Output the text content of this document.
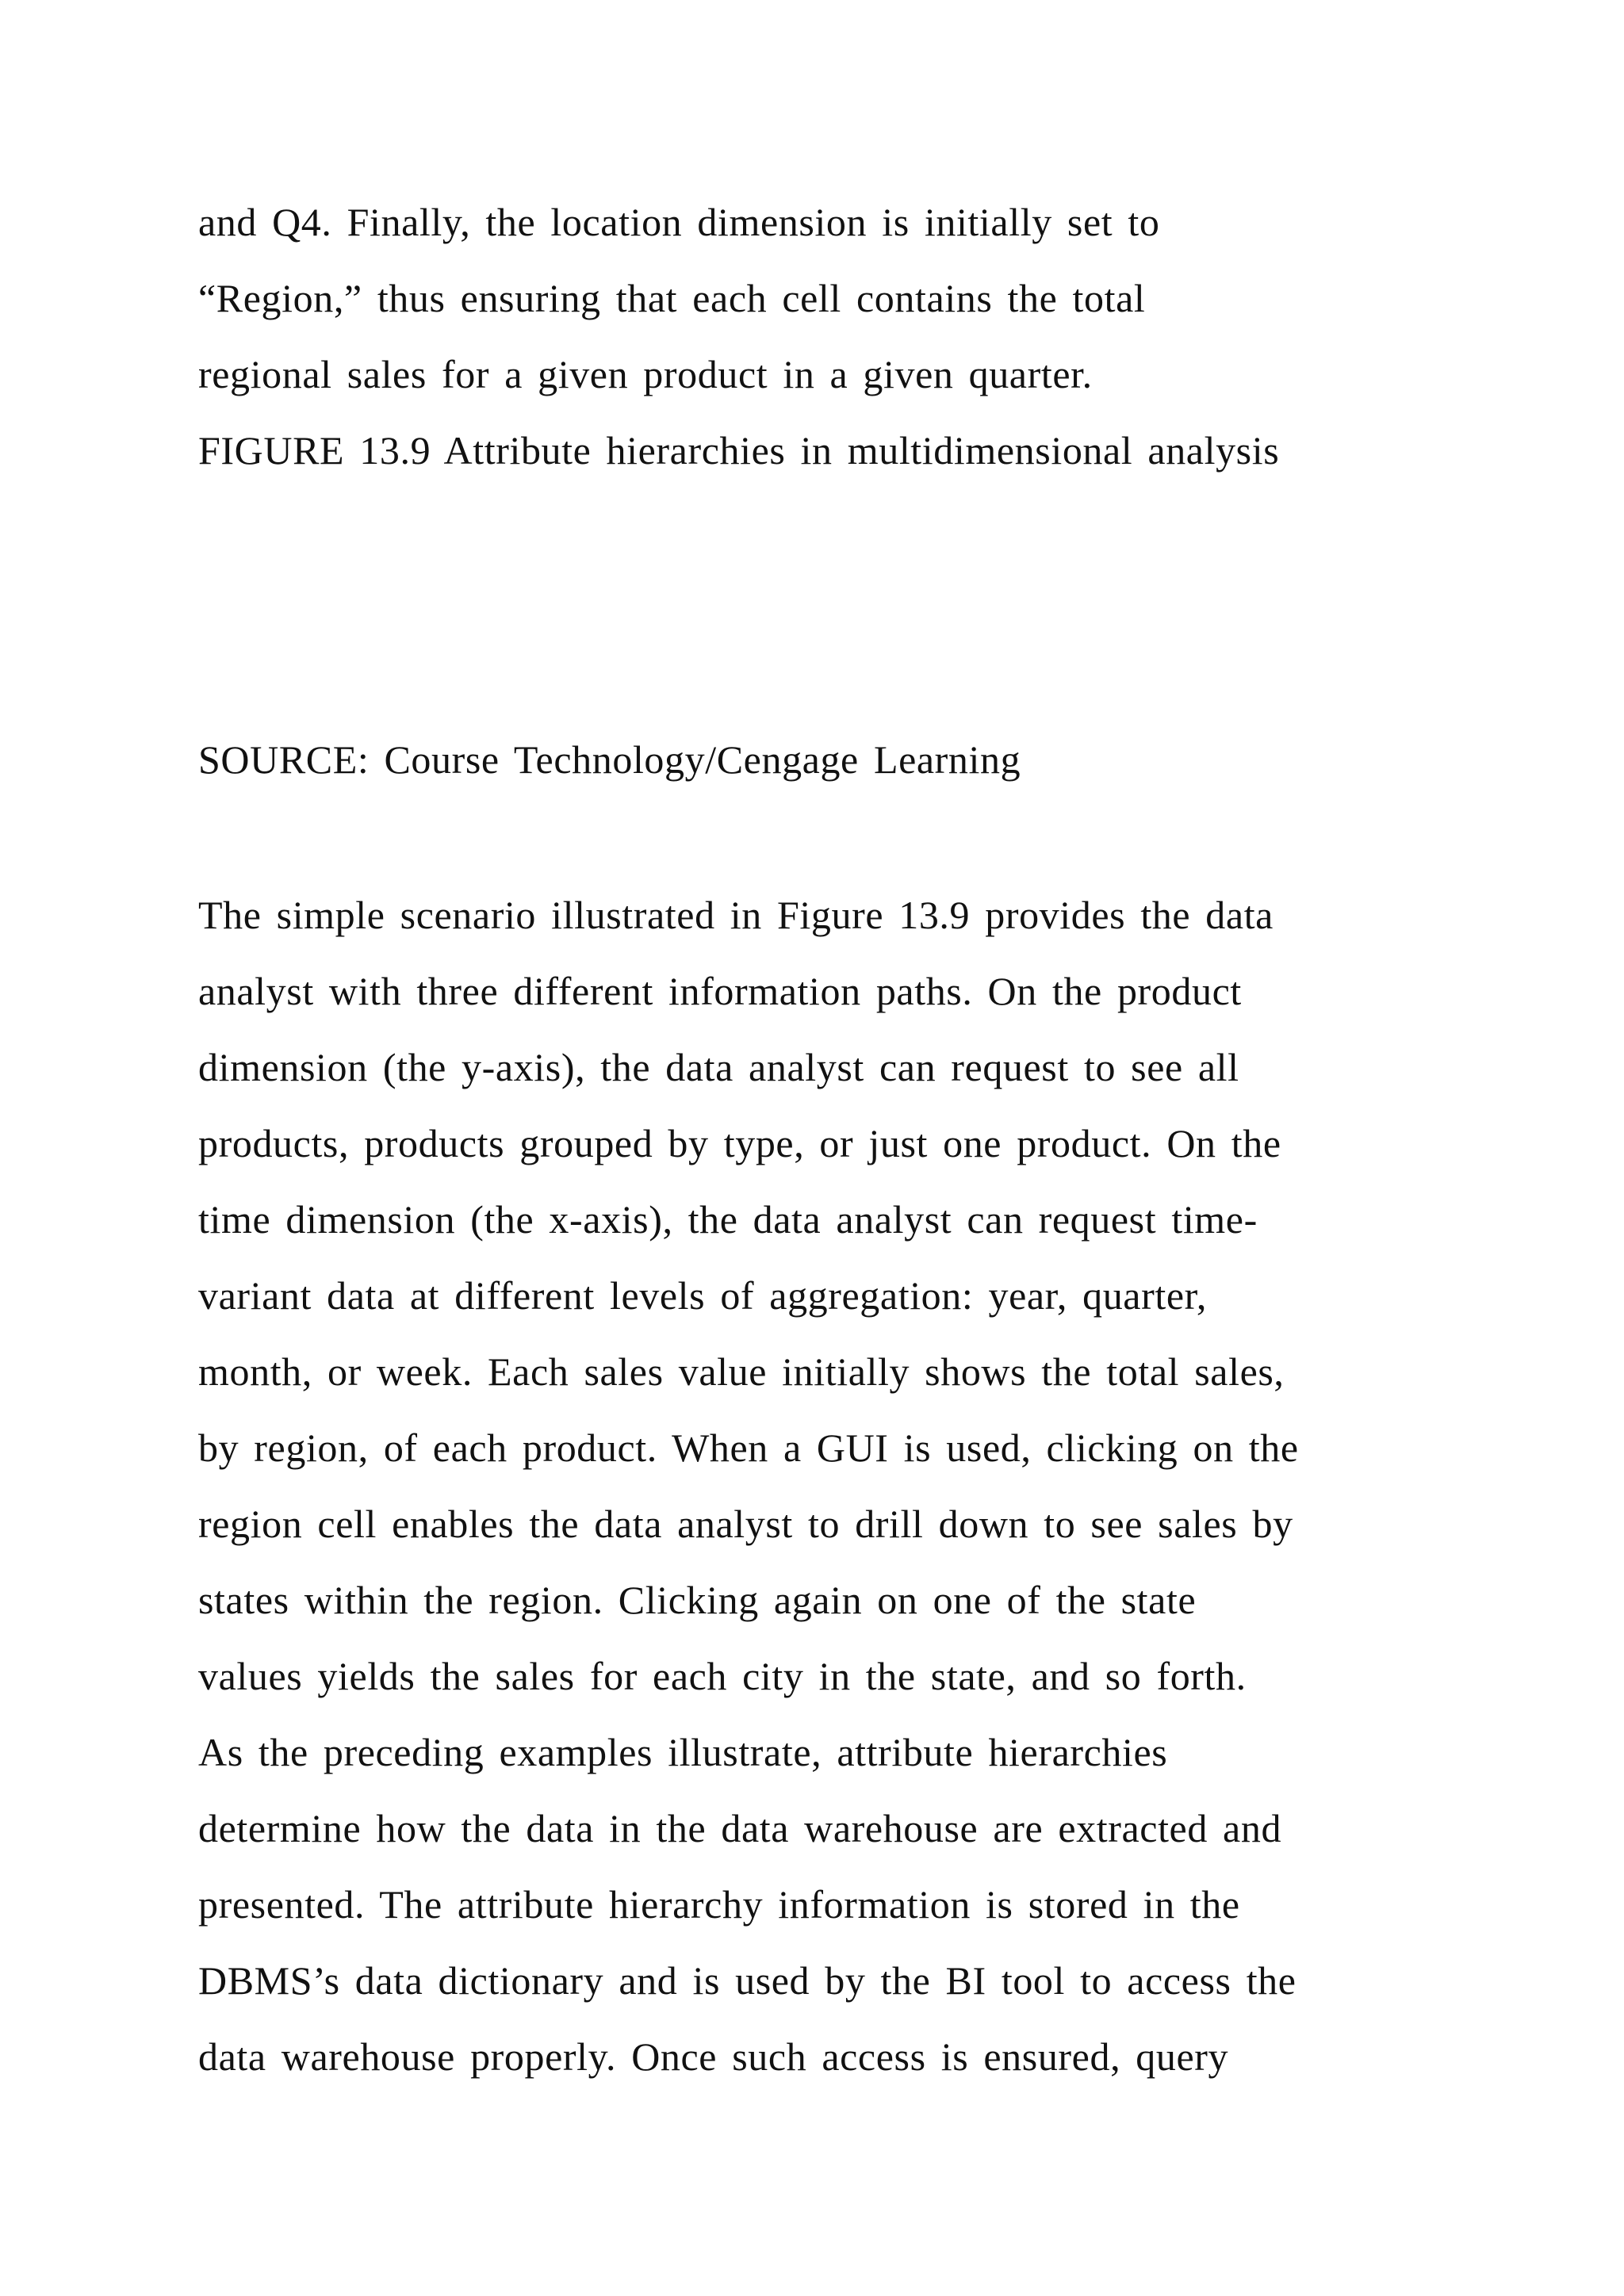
and Q4. Finally, the location dimension is initially set to

“Region,” thus ensuring that each cell contains the total

regional sales for a given product in a given quarter.

FIGURE 13.9 Attribute hierarchies in multidimensional analysis

SOURCE: Course Technology/Cengage Learning

The simple scenario illustrated in Figure 13.9 provides the data

analyst with three different information paths. On the product

dimension (the y-axis), the data analyst can request to see all

products, products grouped by type, or just one product. On the

time dimension (the x-axis), the data analyst can request time-

variant data at different levels of aggregation: year, quarter,

month, or week. Each sales value initially shows the total sales,

by region, of each product. When a GUI is used, clicking on the

region cell enables the data analyst to drill down to see sales by

states within the region. Clicking again on one of the state

values yields the sales for each city in the state, and so forth.

As the preceding examples illustrate, attribute hierarchies

determine how the data in the data warehouse are extracted and

presented. The attribute hierarchy information is stored in the

DBMS’s data dictionary and is used by the BI tool to access the

data warehouse properly. Once such access is ensured, query
